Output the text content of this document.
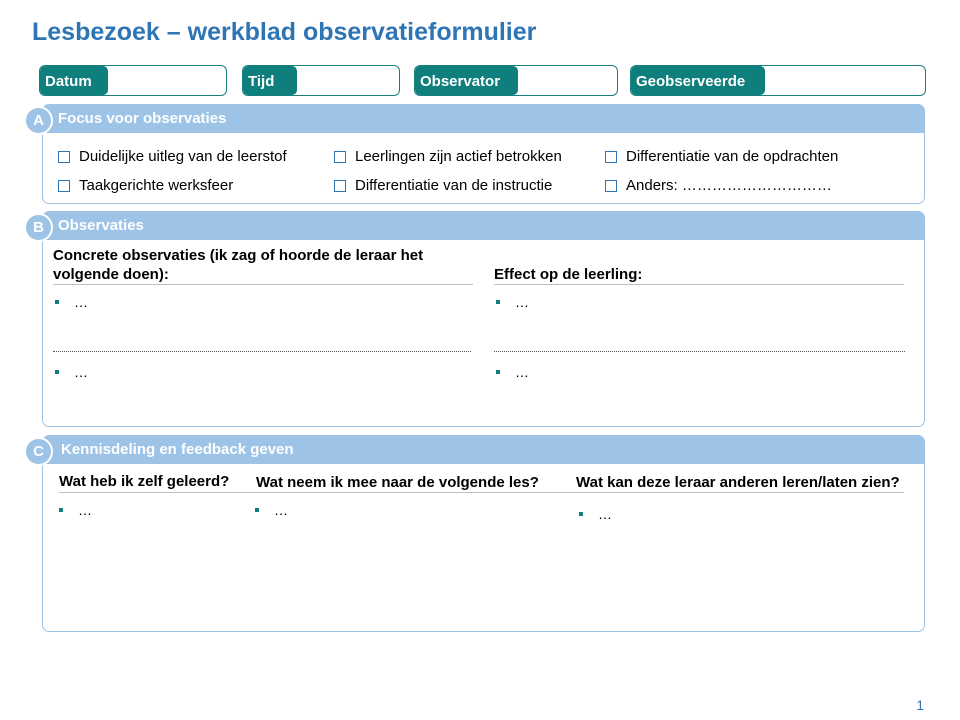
Lesbezoek – werkblad observatieformulier
Datum	Tijd	Observator	Geobserveerde
Focus voor observaties
Duidelijke uitleg van de leerstof	Leerlingen zijn actief betrokken	Differentiatie van de opdrachten
Taakgerichte werksfeer	Differentiatie van de instructie	Anders: …………………………
A
Observaties
Concrete observaties (ik zag of hoorde de leraar het volgende doen):	Effect op de leerling:
…	…
…	…
B
Kennisdeling en feedback geven
Wat heb ik zelf geleerd? Wat neem ik mee naar de volgende les? Wat kan deze leraar anderen leren/laten zien?
…	…	…
C
1
